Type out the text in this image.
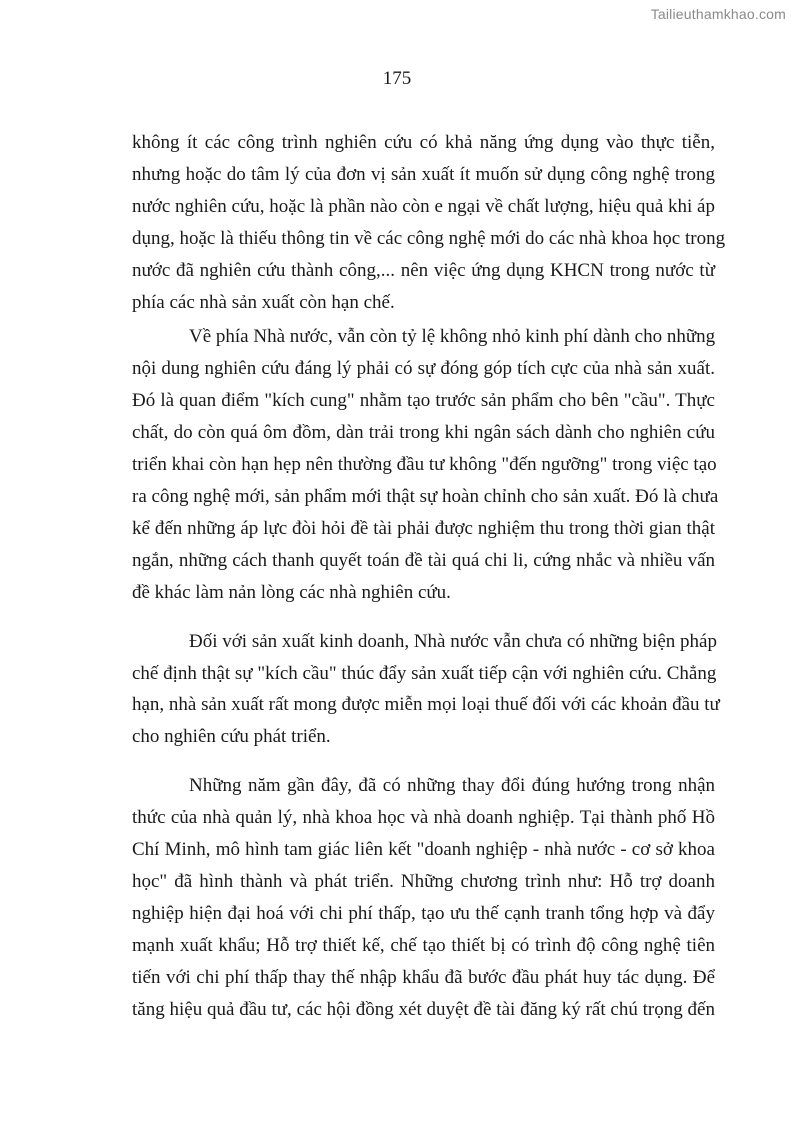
Tailieuthamkhao.com
175
không ít các công trình nghiên cứu có khả năng ứng dụng vào thực tiễn,
nhưng hoặc do tâm lý của đơn vị sản xuất ít muốn sử dụng công nghệ trong
nước nghiên cứu, hoặc là phần nào còn e ngại về chất lượng, hiệu quả khi áp
dụng, hoặc là thiếu thông tin về các công nghệ mới do các nhà khoa học trong
nước đã nghiên cứu thành công,... nên việc ứng dụng KHCN trong nước từ
phía các nhà sản xuất còn hạn chế.
Về phía Nhà nước, vẫn còn tỷ lệ không nhỏ kinh phí dành cho những
nội dung nghiên cứu đáng lý phải có sự đóng góp tích cực của nhà sản xuất.
Đó là quan điểm "kích cung" nhằm tạo trước sản phẩm cho bên "cầu". Thực
chất, do còn quá ôm đồm, dàn trải trong khi ngân sách dành cho nghiên cứu
triển khai còn hạn hẹp nên thường đầu tư không "đến ngưỡng" trong việc tạo
ra công nghệ mới, sản phẩm mới thật sự hoàn chỉnh cho sản xuất. Đó là chưa
kể đến những áp lực đòi hỏi đề tài phải được nghiệm thu trong thời gian thật
ngắn, những cách thanh quyết toán đề tài quá chi li, cứng nhắc và nhiều vấn
đề khác làm nản lòng các nhà nghiên cứu.
Đối với sản xuất kinh doanh, Nhà nước vẫn chưa có những biện pháp
chế định thật sự "kích cầu" thúc đẩy sản xuất tiếp cận với nghiên cứu. Chẳng
hạn, nhà sản xuất rất mong được miễn mọi loại thuế đối với các khoản đầu tư
cho nghiên cứu phát triển.
Những năm gần đây, đã có những thay đổi đúng hướng trong nhận
thức của nhà quản lý, nhà khoa học và nhà doanh nghiệp. Tại thành phố Hồ
Chí Minh, mô hình tam giác liên kết "doanh nghiệp - nhà nước - cơ sở khoa
học" đã hình thành và phát triển. Những chương trình như: Hỗ trợ doanh
nghiệp hiện đại hoá với chi phí thấp, tạo ưu thế cạnh tranh tổng hợp và đẩy
mạnh xuất khẩu; Hỗ trợ thiết kế, chế tạo thiết bị có trình độ công nghệ tiên
tiến với chi phí thấp thay thế nhập khẩu đã bước đầu phát huy tác dụng. Để
tăng hiệu quả đầu tư, các hội đồng xét duyệt đề tài đăng ký rất chú trọng đến
